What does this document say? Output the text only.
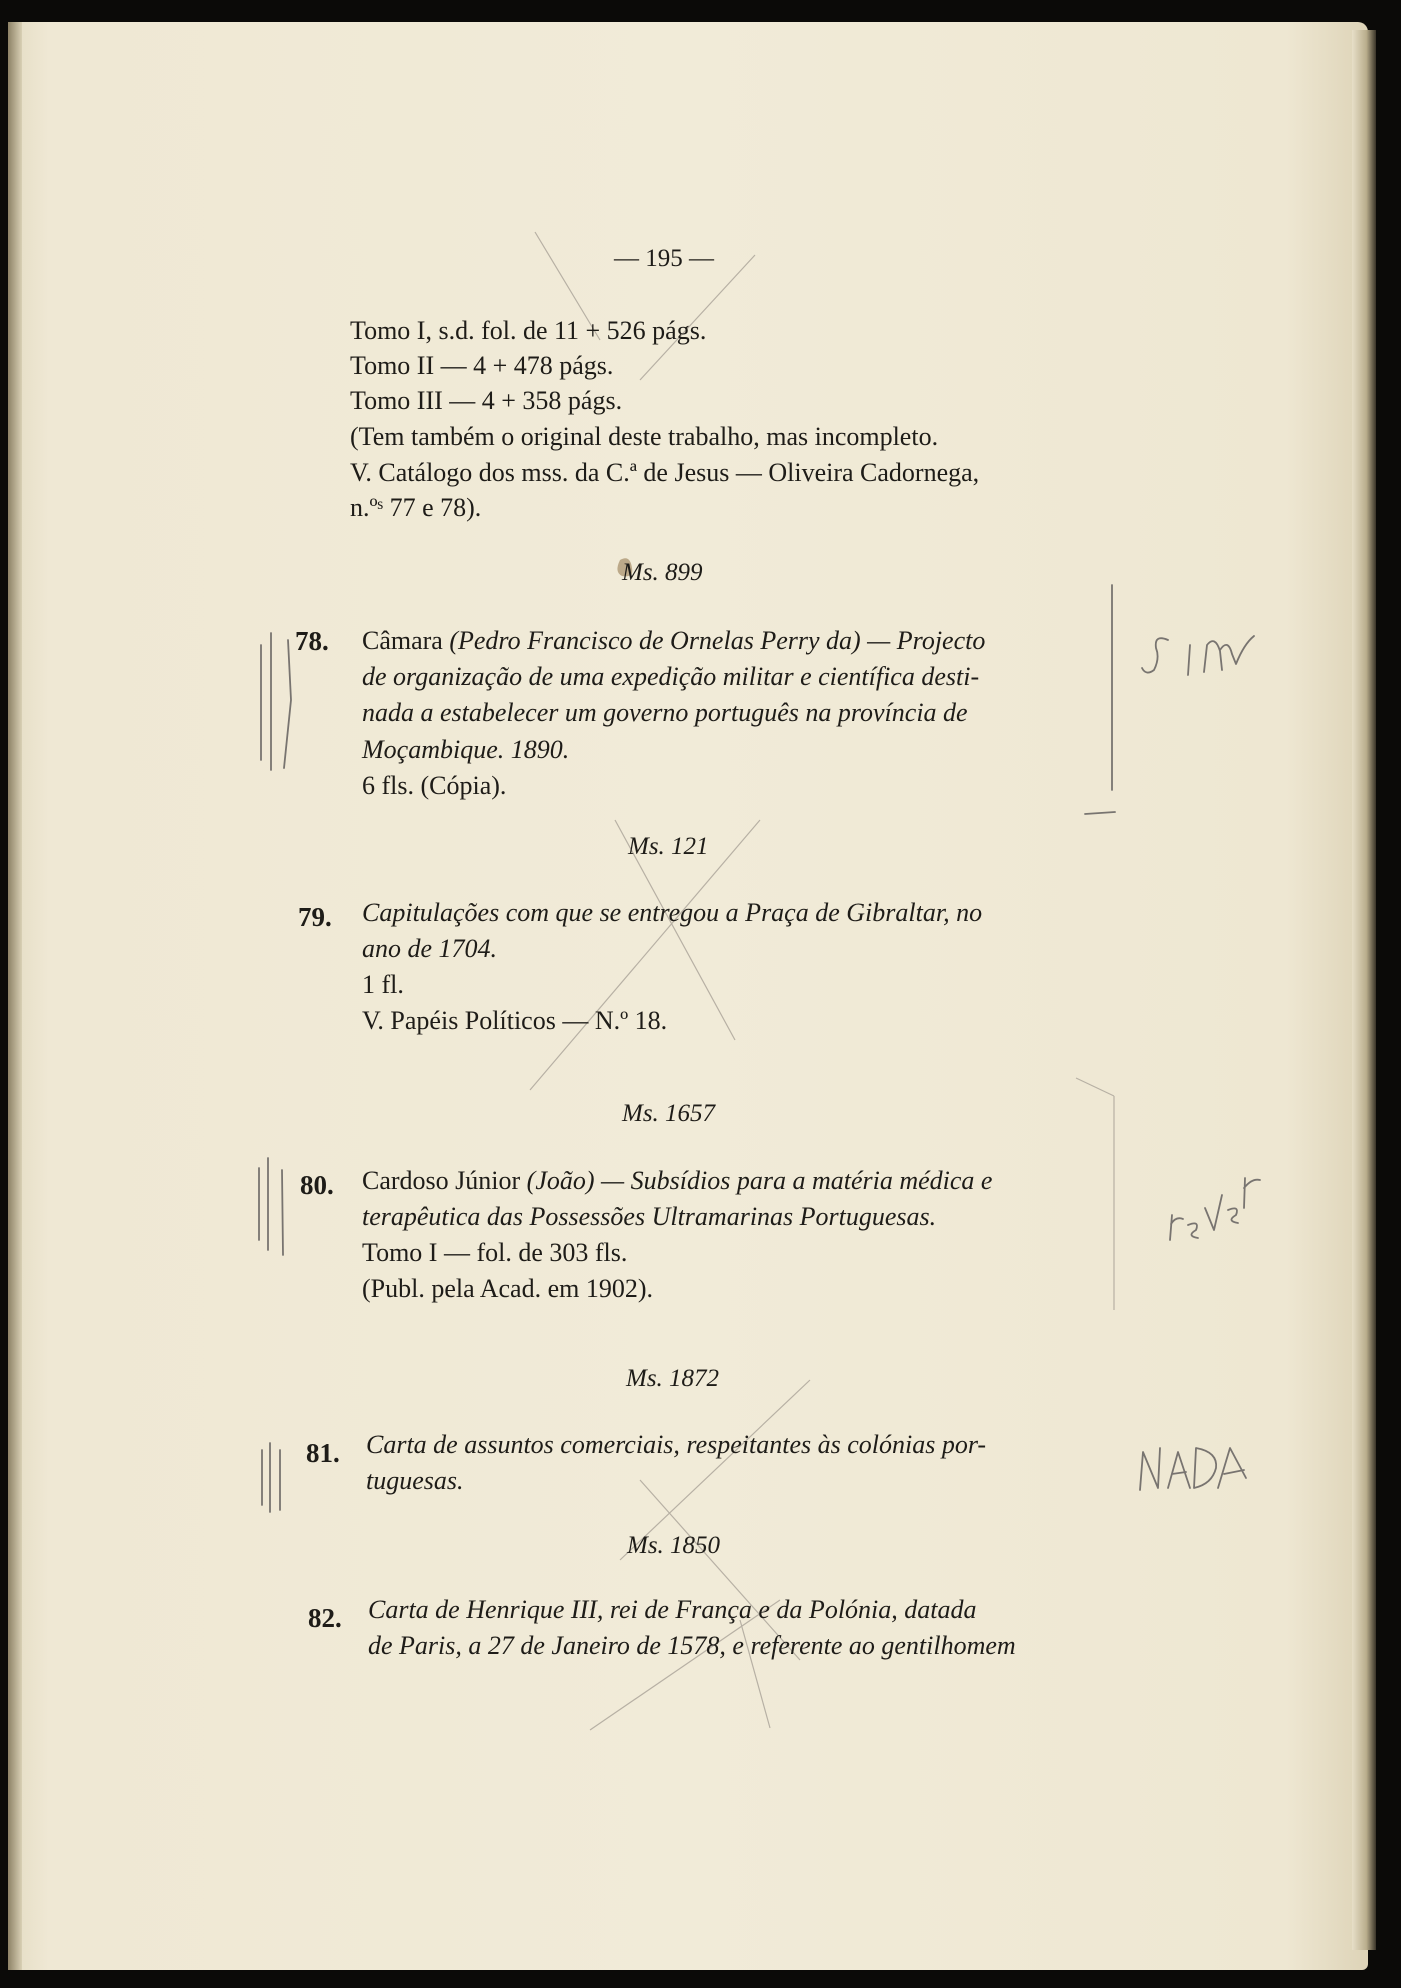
— 195 —

Tomo I, s.d. fol. de 11 + 526 págs.

Tomo II — 4 + 478 págs.

Tomo III — 4 + 358 págs.

(Tem também o original deste trabalho, mas incompleto.

V. Catálogo dos mss. da C.ª de Jesus — Oliveira Cadornega,

n.ºˢ 77 e 78).

Ms. 899

78. Câmara (Pedro Francisco de Ornelas Perry da) — Projecto

de organização de uma expedição militar e científica desti-

nada a estabelecer um governo português na província de

Moçambique. 1890.

6 fls. (Cópia).

Ms. 121

79. Capitulações com que se entregou a Praça de Gibraltar, no

ano de 1704.

1 fl.

V. Papéis Políticos — N.º 18.

Ms. 1657

80. Cardoso Júnior (João) — Subsídios para a matéria médica e

terapêutica das Possessões Ultramarinas Portuguesas.

Tomo I — fol. de 303 fls.

(Publ. pela Acad. em 1902).

Ms. 1872

81. Carta de assuntos comerciais, respeitantes às colónias por-

tuguesas.

Ms. 1850

82. Carta de Henrique III, rei de França e da Polónia, datada

de Paris, a 27 de Janeiro de 1578, e referente ao gentilhomem
